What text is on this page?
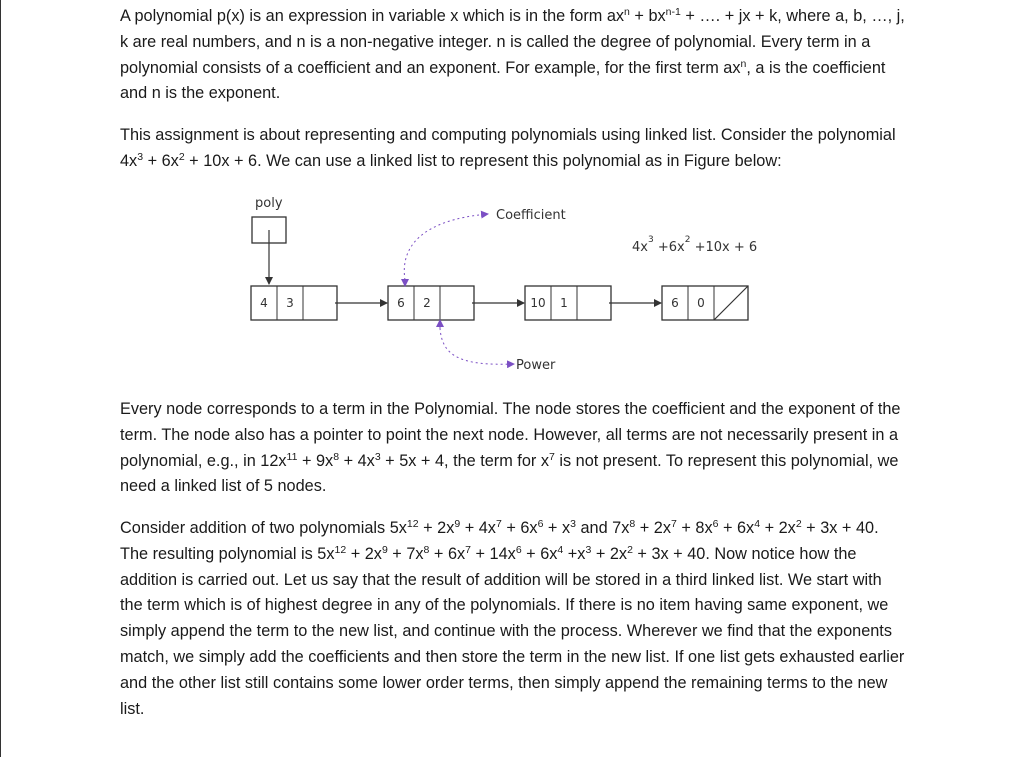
A polynomial p(x) is an expression in variable x which is in the form $ax^n + bx^{n-1}$ + …. + jx + k, where a, b, …, j, k are real numbers, and n is a non-negative integer. n is called the degree of polynomial. Every term in a polynomial consists of a coefficient and an exponent. For example, for the first term $ax^n$, a is the coefficient and n is the exponent.

This assignment is about representing and computing polynomials using linked list. Consider the polynomial $4x^3 + 6x^2 + 10x + 6$. We can use a linked list to represent this polynomial as in Figure below:

poly
4 3	6 2	10 1	6 0
$4x^3 +6x^2 +10x + 6$
Coefficient
Power

Every node corresponds to a term in the Polynomial. The node stores the coefficient and the exponent of the term. The node also has a pointer to point the next node. However, all terms are not necessarily present in a polynomial, e.g., in $12x^{11} + 9x^8 + 4x^3 + 5x + 4$, the term for $x^7$ is not present. To represent this polynomial, we need a linked list of 5 nodes.

Consider addition of two polynomials $5x^{12} + 2x^9 + 4x^7 + 6x^6 + x^3$ and $7x^8 + 2x^7 + 8x^6 + 6x^4 + 2x^2 + 3x + 40$. The resulting polynomial is $5x^{12} + 2x^9 + 7x^8 + 6x^7 + 14x^6 + 6x^4 +x^3 + 2x^2 + 3x + 40$. Now notice how the addition is carried out. Let us say that the result of addition will be stored in a third linked list. We start with the term which is of highest degree in any of the polynomials. If there is no item having same exponent, we simply append the term to the new list, and continue with the process. Wherever we find that the exponents match, we simply add the coefficients and then store the term in the new list. If one list gets exhausted earlier and the other list still contains some lower order terms, then simply append the remaining terms to the new list.
